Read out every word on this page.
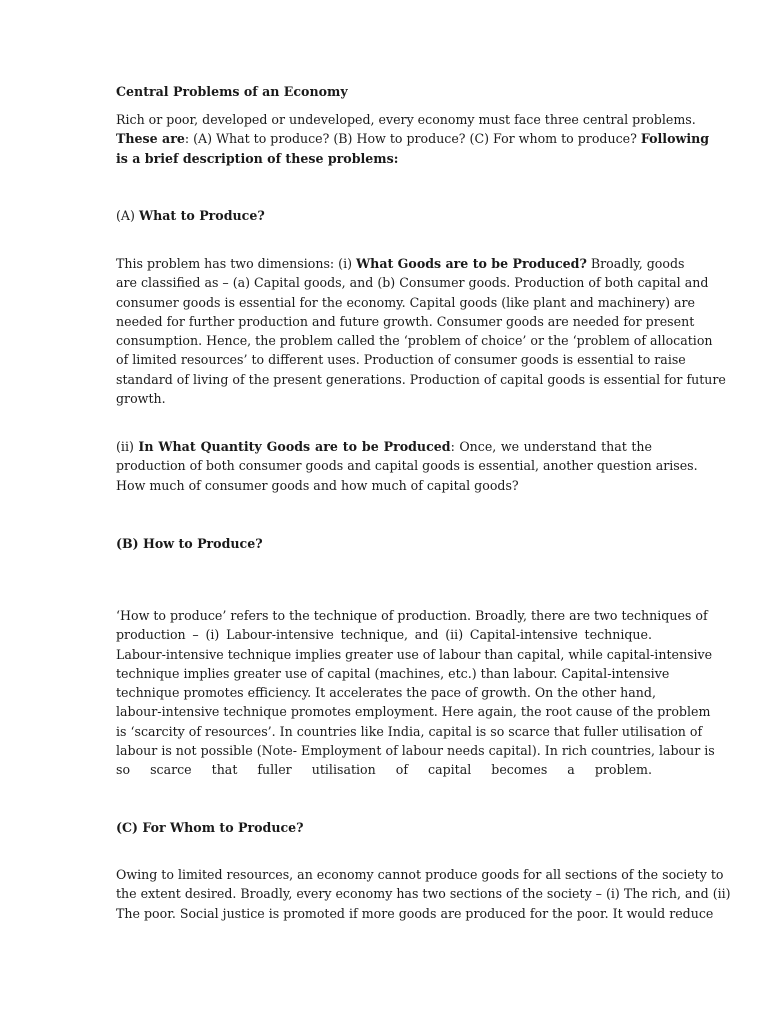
Central Problems of an Economy
Rich or poor, developed or undeveloped, every economy must face three central problems.
These are: (A) What to produce? (B) How to produce? (C) For whom to produce? Following
is a brief description of these problems:
(A) What to Produce?
This problem has two dimensions: (i) What Goods are to be Produced? Broadly, goods
are classified as – (a) Capital goods, and (b) Consumer goods. Production of both capital and
consumer goods is essential for the economy. Capital goods (like plant and machinery) are
needed for further production and future growth. Consumer goods are needed for present
consumption. Hence, the problem called the ‘problem of choice’ or the ‘problem of allocation
of limited resources’ to different uses. Production of consumer goods is essential to raise
standard of living of the present generations. Production of capital goods is essential for future
growth.
(ii) In What Quantity Goods are to be Produced: Once, we understand that the
production of both consumer goods and capital goods is essential, another question arises.
How much of consumer goods and how much of capital goods?
(B) How to Produce?
‘How to produce’ refers to the technique of production. Broadly, there are two techniques of
production – (i) Labour-intensive technique, and (ii) Capital-intensive technique.
Labour-intensive technique implies greater use of labour than capital, while capital-intensive
technique implies greater use of capital (machines, etc.) than labour. Capital-intensive
technique promotes efficiency. It accelerates the pace of growth. On the other hand,
labour-intensive technique promotes employment. Here again, the root cause of the problem
is ‘scarcity of resources’. In countries like India, capital is so scarce that fuller utilisation of
labour is not possible (Note- Employment of labour needs capital). In rich countries, labour is
so scarce that fuller utilisation of capital becomes a problem.
(C) For Whom to Produce?
Owing to limited resources, an economy cannot produce goods for all sections of the society to
the extent desired. Broadly, every economy has two sections of the society – (i) The rich, and (ii)
The poor. Social justice is promoted if more goods are produced for the poor. It would reduce
